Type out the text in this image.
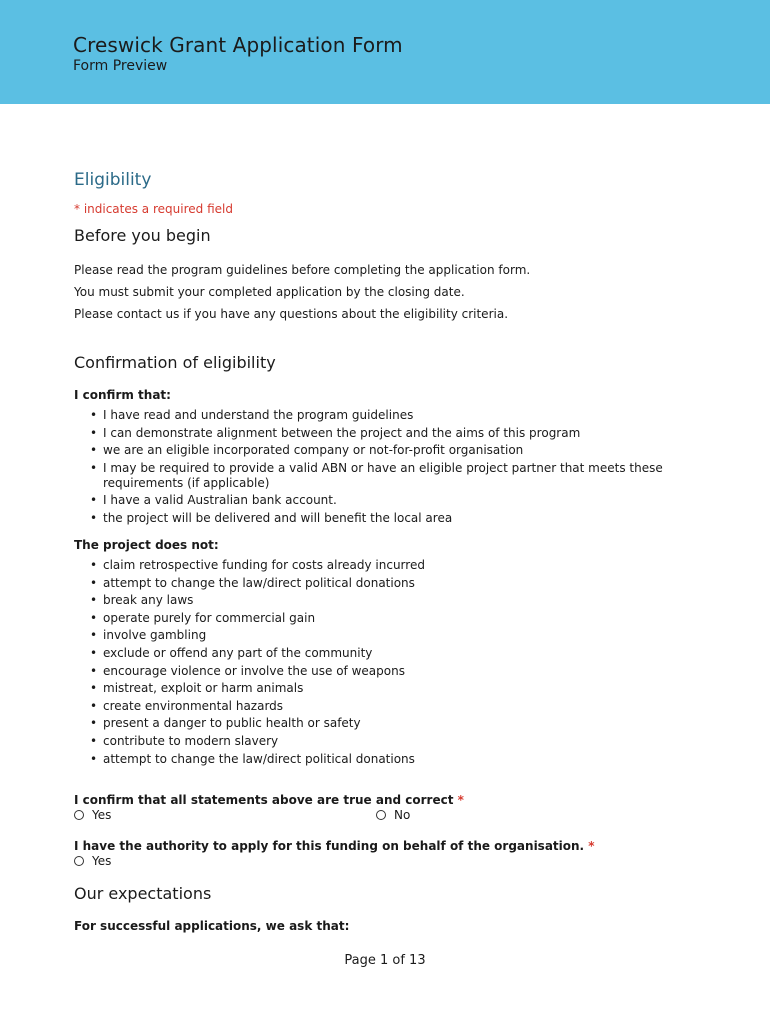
Creswick Grant Application Form
Form Preview
Eligibility

* indicates a required field

Before you begin

Please read the program guidelines before completing the application form.

You must submit your completed application by the closing date.

Please contact us if you have any questions about the eligibility criteria.

Confirmation of eligibility

I confirm that:

• I have read and understand the program guidelines
• I can demonstrate alignment between the project and the aims of this program
• we are an eligible incorporated company or not-for-profit organisation
• I may be required to provide a valid ABN or have an eligible project partner that meets these requirements (if applicable)
• I have a valid Australian bank account.
• the project will be delivered and will benefit the local area

The project does not:

• claim retrospective funding for costs already incurred
• attempt to change the law/direct political donations
• break any laws
• operate purely for commercial gain
• involve gambling
• exclude or offend any part of the community
• encourage violence or involve the use of weapons
• mistreat, exploit or harm animals
• create environmental hazards
• present a danger to public health or safety
• contribute to modern slavery
• attempt to change the law/direct political donations

I confirm that all statements above are true and correct *

Yes	No

I have the authority to apply for this funding on behalf of the organisation. *

Yes
Our expectations

For successful applications, we ask that:

Page 1 of 13
